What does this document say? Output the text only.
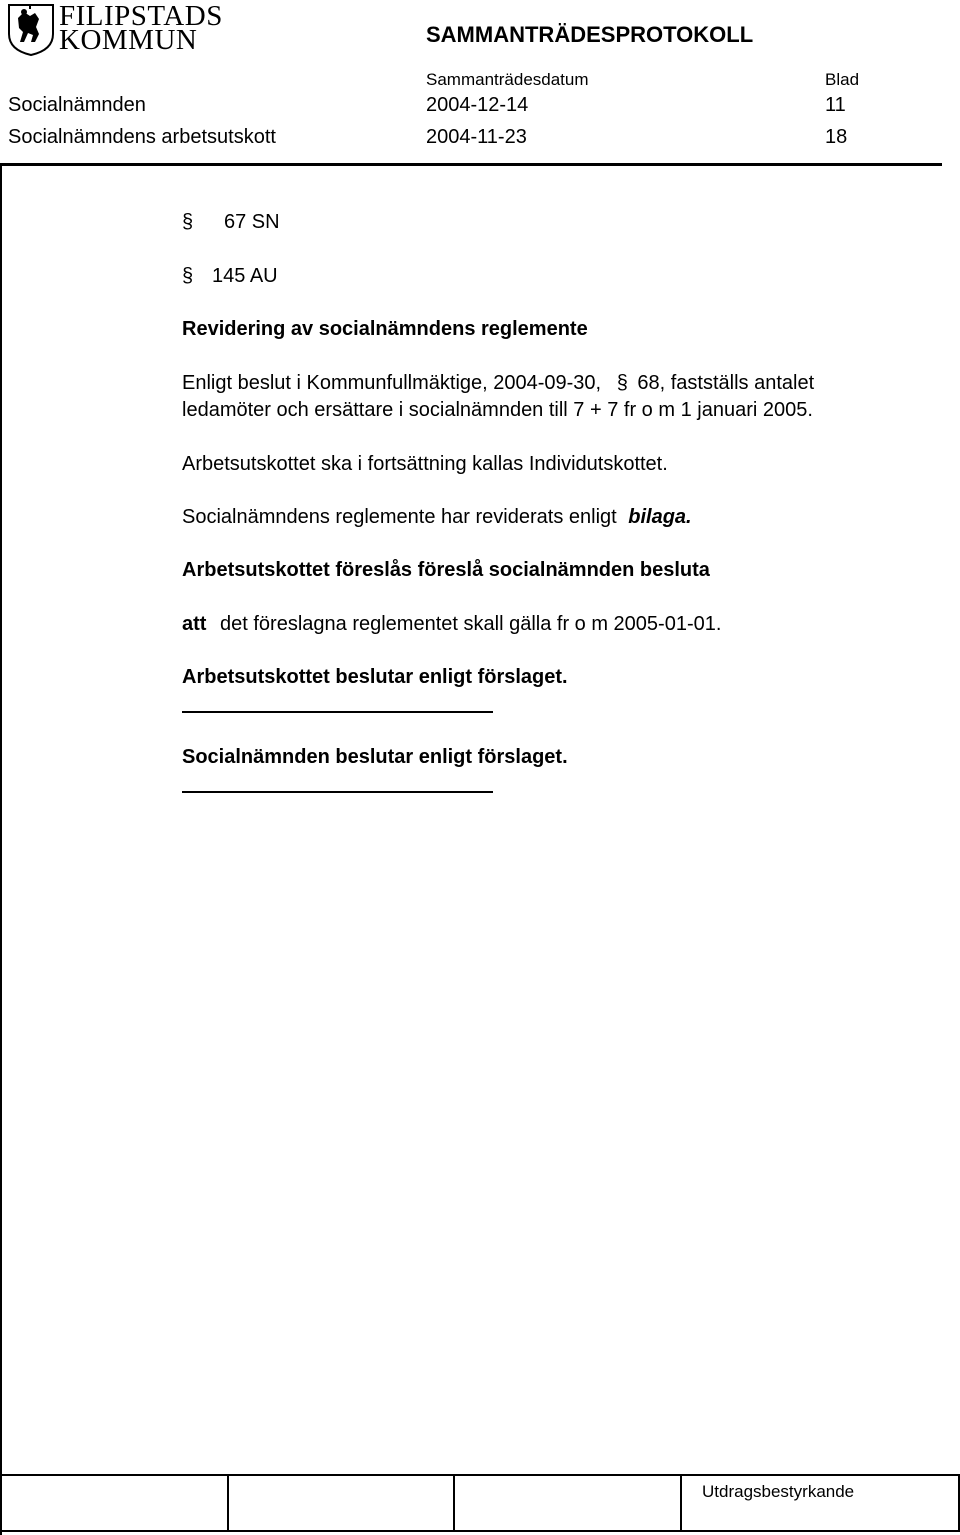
FILIPSTADS
KOMMUN	SAMMANTRÄDESPROTOKOLL
Sammanträdesdatum	Blad
Socialnämnden	2004-12-14	11
Socialnämndens arbetsutskott	2004-11-23	18
§ 67 SN
§ 145 AU
Revidering av socialnämndens reglemente
Enligt beslut i Kommunfullmäktige, 2004-09-30, § 68, fastställs antalet
ledamöter och ersättare i socialnämnden till 7 + 7 fr o m 1 januari 2005.
Arbetsutskottet ska i fortsättning kallas Individutskottet.
Socialnämndens reglemente har reviderats enligt bilaga.
Arbetsutskottet föreslås föreslå socialnämnden besluta
att det föreslagna reglementet skall gälla fr o m 2005-01-01.
Arbetsutskottet beslutar enligt förslaget.
Socialnämnden beslutar enligt förslaget.
Utdragsbestyrkande
